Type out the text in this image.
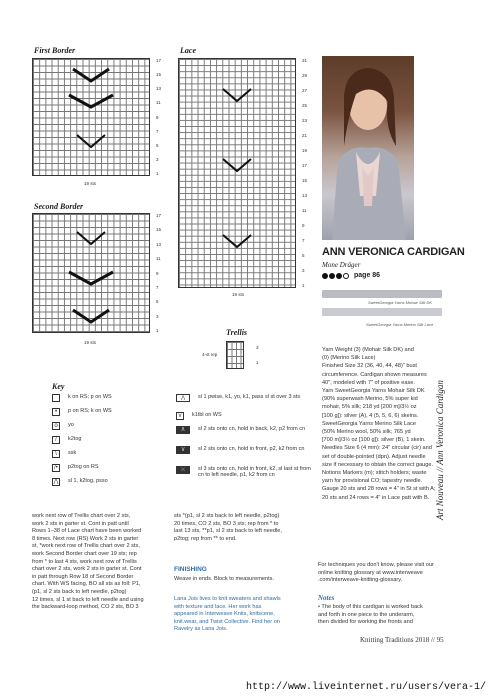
First Border
17
15
13
11
9
7
5
3
1
19 sts
Second Border
17
15
13
11
9
7
5
3
1
19 sts
Lace
31
29
27
25
23
21
19
17
15
13
11
9
7
5
3
1
19 sts
Trellis
4-st rep
3
1
Key
k on RS; p on WS
•	p on RS; k on WS
o	yo
/	k2tog
\	ssk
/•	p2tog on RS
⋀ sl 1, k2tog, psso
⋀	sl 1 pwise, k1, yo, k1, pass sl st over 3 sts
v	k1tbl on WS
/\	sl 2 sts onto cn, hold in back, k2, p2 from cn
\/	sl 2 sts onto cn, hold in front, p2, k2 from cn
⤫	sl 3 sts onto cn, hold in front, k2, sl last st from cn to left needle, p1, k2 from cn
work next row of Trellis chart over 2 sts,
work 2 sts in garter st. Cont in patt until
Rows 1–38 of Lace chart have been worked
8 times. Next row (RS) Work 2 sts in garter
st, *work next row of Trellis chart over 2 sts,
work Second Border chart over 19 sts; rep
from * to last 4 sts, work next row of Trellis
chart over 2 sts, work 2 sts in garter st. Cont
in patt through Row 18 of Second Border
chart. With WS facing, BO all sts as foll: P1,
(p1, sl 2 sts back to left needle, p2tog)
12 times, sl 1 st back to left needle and using
the backward-loop method, CO 2 sts, BO 3
sts *(p1, sl 2 sts back to left needle, p2tog)
20 times, CO 2 sts, BO 3 sts; rep from * to
last 13 sts, **p1, sl 2 sts back to left needle,
p2tog; rep from ** to end.
FINISHING
Weave in ends. Block to measurements.
Lana Jois lives to knit sweaters and shawls
with texture and lace. Her work has
appeared in Interweave Knits, knitscene,
knit.wear, and Twist Collective. Find her on
Ravelry as Lana Jois.
Art Nouveau // Ann Veronica Cardigan
ANN VERONICA CARDIGAN
Mone Dräger
page 86
SweetGeorgia Yarns Mohair Silk DK
SweetGeorgia Yarns Merino Silk Lace
Yarn Weight (3) (Mohair Silk DK) and
(0) (Merino Silk Lace)
Finished Size 32 (36, 40, 44, 48)" bust
circumference. Cardigan shown measures
40", modeled with 7" of positive ease.
Yarn SweetGeorgia Yarns Mohair Silk DK
(90% superwash Merino, 5% super kid
mohair, 5% silk; 218 yd [200 m]/3½ oz
[100 g]): silver (A), 4 (5, 5, 6, 6) skeins.
SweetGeorgia Yarns Merino Silk Lace
(50% Merino wool, 50% silk; 765 yd
[700 m]/3½ oz [100 g]): silver (B), 1 skein.
Needles Size 6 (4 mm): 24" circular (cir) and
set of double-pointed (dpn). Adjust needle
size if necessary to obtain the correct gauge.
Notions Markers (m); stitch holders; waste
yarn for provisional CO; tapestry needle.
Gauge 20 sts and 28 rows = 4" in St st with A;
20 sts and 24 rows = 4" in Lace patt with B.
For techniques you don't know, please visit our
online knitting glossary at www.interweave
.com/interweave-knitting-glossary.
Notes
• The body of this cardigan is worked back
and forth in one piece to the underarm,
then divided for working the fronts and
Knitting Traditions 2018 // 95
http://www.liveinternet.ru/users/vera-1/
